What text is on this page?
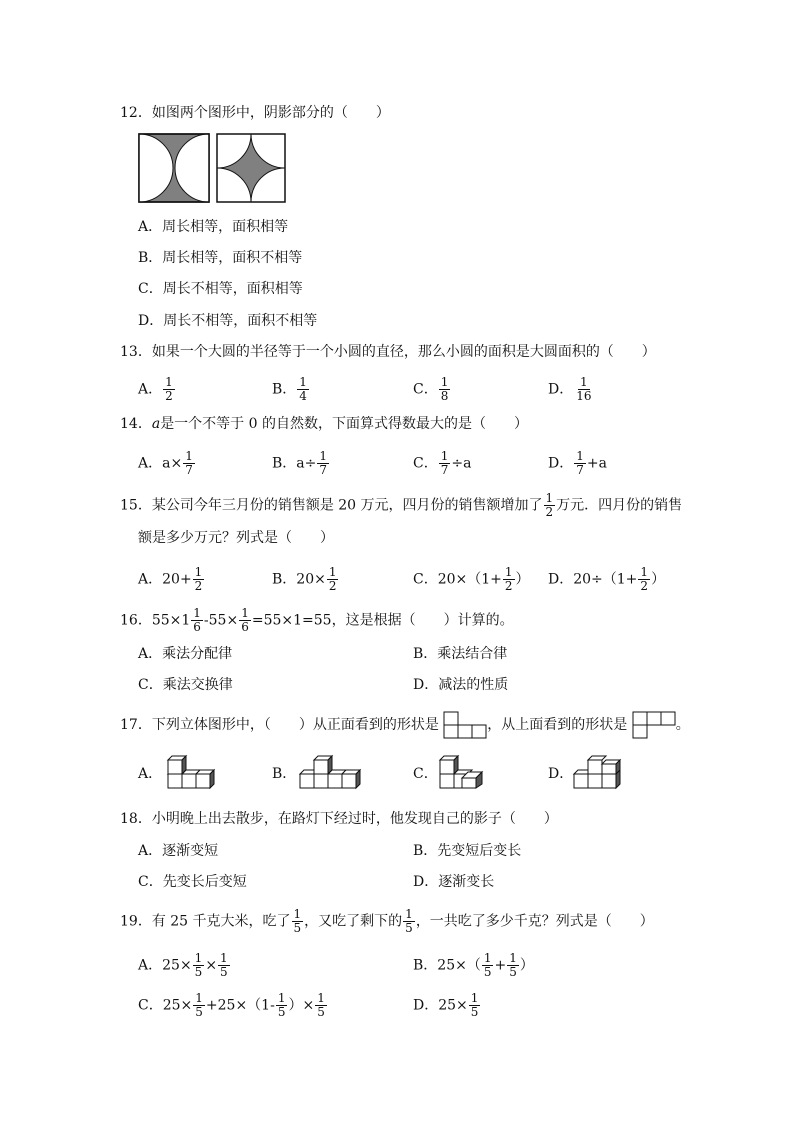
12．如图两个图形中，阴影部分的（　　）
A．周长相等，面积相等
B．周长相等，面积不相等
C．周长不相等，面积相等
D．周长不相等，面积不相等
13．如果一个大圆的半径等于一个小圆的直径，那么小圆的面积是大圆面积的（　　）
A． $\frac{1}{2}$	B． $\frac{1}{4}$	C． $\frac{1}{8}$	D． $\frac{1}{16}$
14．a是一个不等于 0 的自然数，下面算式得数最大的是（　　）
A．$a\times \frac{1}{7}$	B．$a\div \frac{1}{7}$	C． $\frac{1}{7} \div a$	D． $\frac{1}{7} +a$
15．某公司今年三月份的销售额是 20 万元，四月份的销售额增加了 $\frac{1}{2}$ 万元．四月份的销售
额是多少万元？列式是（　　）
A．$20+ \frac{1}{2}$	B．$20\times \frac{1}{2}$	C．$20\times(1+ \frac{1}{2}$ ） D．$20\div(1+ \frac{1}{2}$ ）
16．$55\times 1 \frac{1}{6} -55\times \frac{1}{6} =55\times 1=55$，这是根据（　　）计算的。
A．乘法分配律	B．乘法结合律
C．乘法交换律	D．减法的性质
17．下列立体图形中，（　　）从正面看到的形状是	，从上面看到的形状是	。
A．	B．	C．	D．
18．小明晚上出去散步，在路灯下经过时，他发现自己的影子（　　）
A．逐渐变短	B．先变短后变长
C．先变长后变短	D．逐渐变长
19．有 25 千克大米，吃了 $\frac{1}{5}$ ，又吃了剩下的 $\frac{1}{5}$ ，一共吃了多少千克？列式是（　　）
A．$25\times \frac{1}{5} \times \frac{1}{5}$	B．$25\times( \frac{1}{5} + \frac{1}{5}$ ）
C．$25\times \frac{1}{5} +25\times(1- \frac{1}{5}$ ）× $\frac{1}{5}$	D．$25\times \frac{1}{5}$
